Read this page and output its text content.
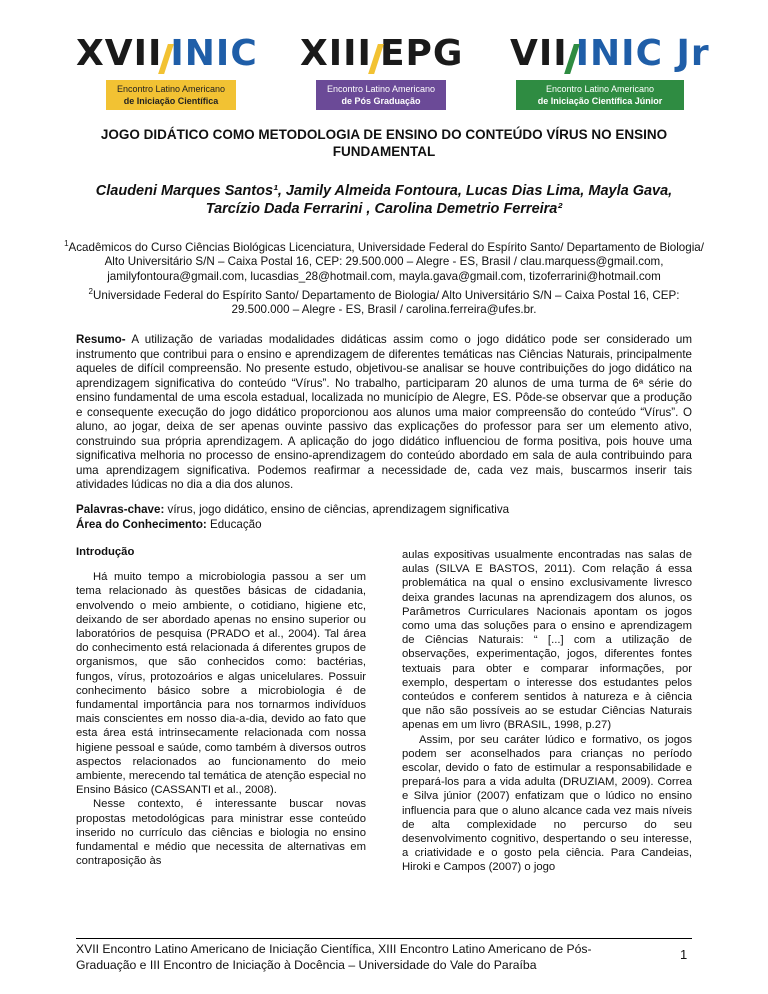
XVII INIC
Encontro Latino Americano
de Iniciação Científica
XIII EPG
Encontro Latino Americano
de Pós Graduação
VII INIC Jr
Encontro Latino Americano
de Iniciação Científica Júnior
JOGO DIDÁTICO COMO METODOLOGIA DE ENSINO DO CONTEÚDO VÍRUS NO ENSINO FUNDAMENTAL
Claudeni Marques Santos¹, Jamily Almeida Fontoura, Lucas Dias Lima, Mayla Gava,
Tarcízio Dada Ferrarini , Carolina Demetrio Ferreira²
$^1$Acadêmicos do Curso Ciências Biológicas Licenciatura, Universidade Federal do Espírito Santo/ Departamento de Biologia/ Alto Universitário S/N – Caixa Postal 16, CEP: 29.500.000 – Alegre - ES, Brasil / clau.marquess@gmail.com, jamilyfontoura@gmail.com, lucasdias_28@hotmail.com, mayla.gava@gmail.com, tizoferrarini@hotmail.com
$^2$Universidade Federal do Espírito Santo/ Departamento de Biologia/ Alto Universitário S/N – Caixa Postal 16, CEP: 29.500.000 – Alegre - ES, Brasil / carolina.ferreira@ufes.br.
Resumo- A utilização de variadas modalidades didáticas assim como o jogo didático pode ser considerado um instrumento que contribui para o ensino e aprendizagem de diferentes temáticas nas Ciências Naturais, principalmente aqueles de difícil compreensão. No presente estudo, objetivou-se analisar se houve contribuições do jogo didático na aprendizagem significativa do conteúdo “Vírus”. No trabalho, participaram 20 alunos de uma turma de 6ª série do ensino fundamental de uma escola estadual, localizada no município de Alegre, ES. Pôde-se observar que a produção e consequente execução do jogo didático proporcionou aos alunos uma maior compreensão do conteúdo “Vírus”. O aluno, ao jogar, deixa de ser apenas ouvinte passivo das explicações do professor para ser um elemento ativo, construindo sua própria aprendizagem. A aplicação do jogo didático influenciou de forma positiva, pois houve uma significativa melhoria no processo de ensino-aprendizagem do conteúdo abordado em sala de aula contribuindo para uma aprendizagem significativa. Podemos reafirmar a necessidade de, cada vez mais, buscarmos inserir tais atividades lúdicas no dia a dia dos alunos.
Palavras-chave: vírus, jogo didático, ensino de ciências, aprendizagem significativa
Área do Conhecimento: Educação
Introdução

Há muito tempo a microbiologia passou a ser um tema relacionado às questões básicas de cidadania, envolvendo o meio ambiente, o cotidiano, higiene etc, deixando de ser abordado apenas no ensino superior ou laboratórios de pesquisa (PRADO et al., 2004). Tal área do conhecimento está relacionada á diferentes grupos de organismos, que são conhecidos como: bactérias, fungos, vírus, protozoários e algas unicelulares. Possuir conhecimento básico sobre a microbiologia é de fundamental importância para nos tornarmos indivíduos mais conscientes em nosso dia-a-dia, devido ao fato que esta área está intrinsecamente relacionada com nossa higiene pessoal e saúde, como também à diversos outros aspectos relacionados ao funcionamento do meio ambiente, merecendo tal temática de atenção especial no Ensino Básico (CASSANTI et al., 2008).

Nesse contexto, é interessante buscar novas propostas metodológicas para ministrar esse conteúdo inserido no currículo das ciências e biologia no ensino fundamental e médio que necessita de alternativas em contraposição às

aulas expositivas usualmente encontradas nas salas de aulas (SILVA E BASTOS, 2011). Com relação á essa problemática na qual o ensino exclusivamente livresco deixa grandes lacunas na aprendizagem dos alunos, os Parâmetros Curriculares Nacionais apontam os jogos como uma das soluções para o ensino e aprendizagem de Ciências Naturais: “ [...] com a utilização de observações, experimentação, jogos, diferentes fontes textuais para obter e comparar informações, por exemplo, despertam o interesse dos estudantes pelos conteúdos e conferem sentidos à natureza e à ciência que não são possíveis ao se estudar Ciências Naturais apenas em um livro (BRASIL, 1998, p.27)

Assim, por seu caráter lúdico e formativo, os jogos podem ser aconselhados para crianças no período escolar, devido o fato de estimular a responsabilidade e prepará-los para a vida adulta (DRUZIAM, 2009). Correa e Silva júnior (2007) enfatizam que o lúdico no ensino influencia para que o aluno alcance cada vez mais níveis de alta complexidade no percurso do seu desenvolvimento cognitivo, despertando o seu interesse, a criatividade e o gosto pela ciência. Para Candeias, Hiroki e Campos (2007) o jogo

XVII Encontro Latino Americano de Iniciação Científica, XIII Encontro Latino Americano de Pós-Graduação e III Encontro de Iniciação à Docência – Universidade do Vale do Paraíba
1
